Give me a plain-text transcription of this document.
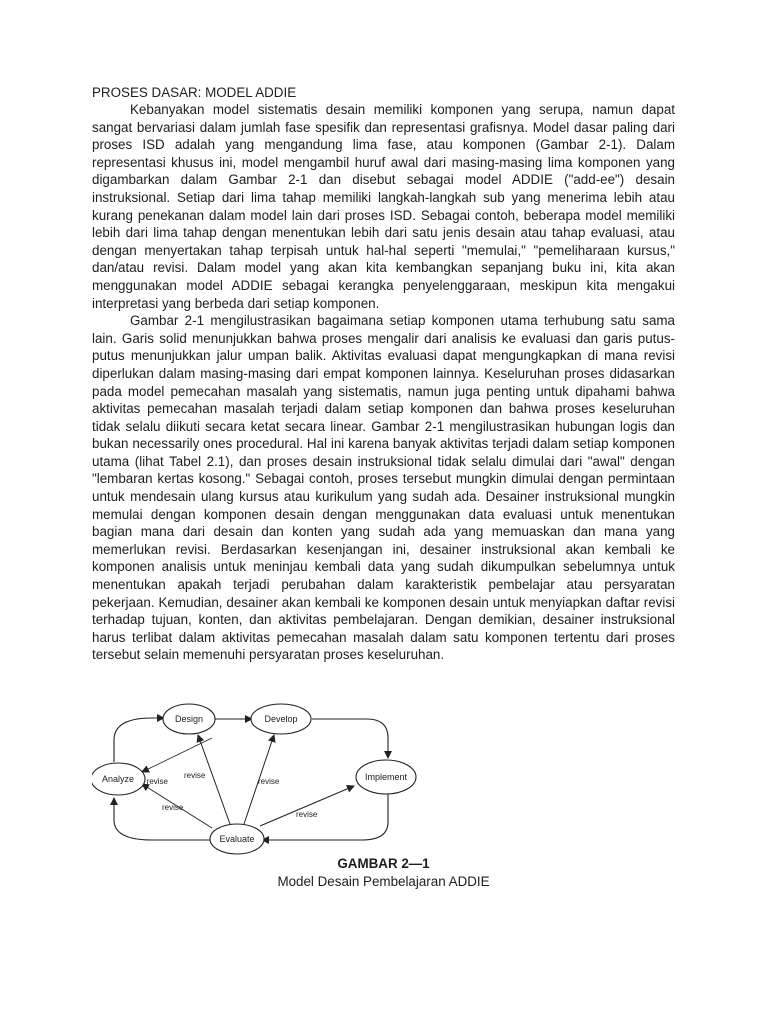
PROSES DASAR: MODEL ADDIE

Kebanyakan model sistematis desain memiliki komponen yang serupa, namun dapat sangat bervariasi dalam jumlah fase spesifik dan representasi grafisnya. Model dasar paling dari proses ISD adalah yang mengandung lima fase, atau komponen (Gambar 2-1). Dalam representasi khusus ini, model mengambil huruf awal dari masing-masing lima komponen yang digambarkan dalam Gambar 2-1 dan disebut sebagai model ADDIE ("add-ee") desain instruksional. Setiap dari lima tahap memiliki langkah-langkah sub yang menerima lebih atau kurang penekanan dalam model lain dari proses ISD. Sebagai contoh, beberapa model memiliki lebih dari lima tahap dengan menentukan lebih dari satu jenis desain atau tahap evaluasi, atau dengan menyertakan tahap terpisah untuk hal-hal seperti "memulai," "pemeliharaan kursus," dan/atau revisi. Dalam model yang akan kita kembangkan sepanjang buku ini, kita akan menggunakan model ADDIE sebagai kerangka penyelenggaraan, meskipun kita mengakui interpretasi yang berbeda dari setiap komponen.

Gambar 2-1 mengilustrasikan bagaimana setiap komponen utama terhubung satu sama lain. Garis solid menunjukkan bahwa proses mengalir dari analisis ke evaluasi dan garis putus-putus menunjukkan jalur umpan balik. Aktivitas evaluasi dapat mengungkapkan di mana revisi diperlukan dalam masing-masing dari empat komponen lainnya. Keseluruhan proses didasarkan pada model pemecahan masalah yang sistematis, namun juga penting untuk dipahami bahwa aktivitas pemecahan masalah terjadi dalam setiap komponen dan bahwa proses keseluruhan tidak selalu diikuti secara ketat secara linear. Gambar 2-1 mengilustrasikan hubungan logis dan bukan necessarily ones procedural. Hal ini karena banyak aktivitas terjadi dalam setiap komponen utama (lihat Tabel 2.1), dan proses desain instruksional tidak selalu dimulai dari "awal" dengan "lembaran kertas kosong." Sebagai contoh, proses tersebut mungkin dimulai dengan permintaan untuk mendesain ulang kursus atau kurikulum yang sudah ada. Desainer instruksional mungkin memulai dengan komponen desain dengan menggunakan data evaluasi untuk menentukan bagian mana dari desain dan konten yang sudah ada yang memuaskan dan mana yang memerlukan revisi. Berdasarkan kesenjangan ini, desainer instruksional akan kembali ke komponen analisis untuk meninjau kembali data yang sudah dikumpulkan sebelumnya untuk menentukan apakah terjadi perubahan dalam karakteristik pembelajar atau persyaratan pekerjaan. Kemudian, desainer akan kembali ke komponen desain untuk menyiapkan daftar revisi terhadap tujuan, konten, dan aktivitas pembelajaran. Dengan demikian, desainer instruksional harus terlibat dalam aktivitas pemecahan masalah dalam satu komponen tertentu dari proses tersebut selain memenuhi persyaratan proses keseluruhan.

Design	Develop
Analyze	Implement
Evaluate
revise
revise	revise
revise
revise
GAMBAR 2—1
Model Desain Pembelajaran ADDIE
